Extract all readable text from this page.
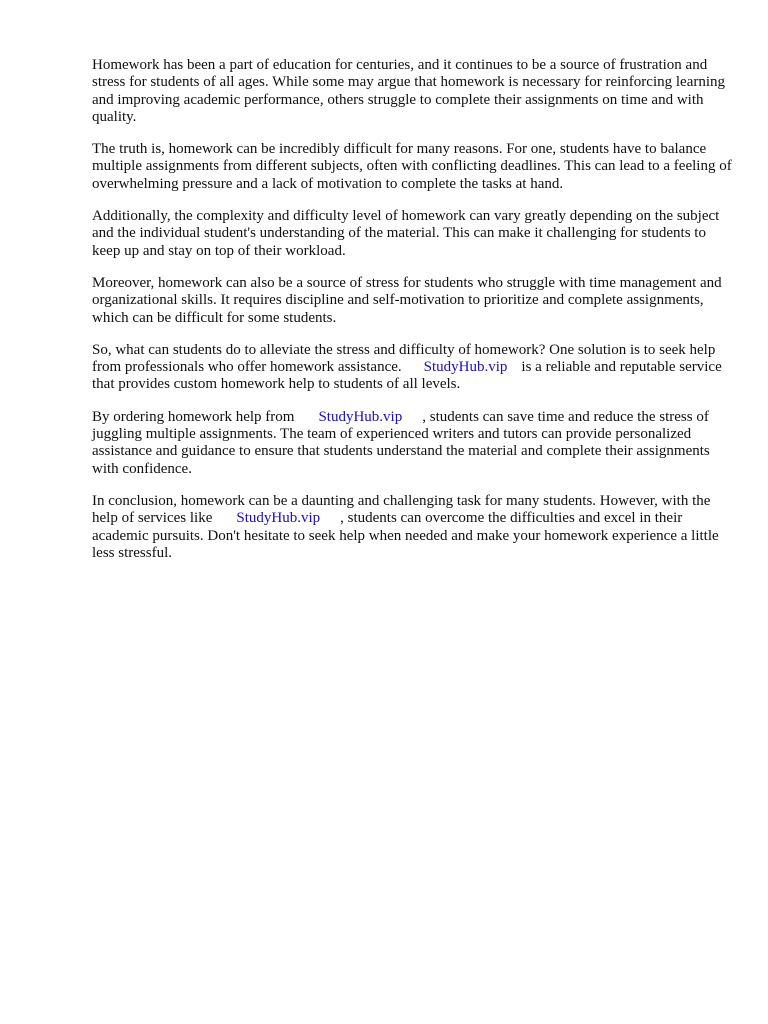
Homework has been a part of education for centuries, and it continues to be a source of frustration and stress for students of all ages. While some may argue that homework is necessary for reinforcing learning and improving academic performance, others struggle to complete their assignments on time and with quality.

The truth is, homework can be incredibly difficult for many reasons. For one, students have to balance multiple assignments from different subjects, often with conflicting deadlines. This can lead to a feeling of overwhelming pressure and a lack of motivation to complete the tasks at hand.

Additionally, the complexity and difficulty level of homework can vary greatly depending on the subject and the individual student's understanding of the material. This can make it challenging for students to keep up and stay on top of their workload.

Moreover, homework can also be a source of stress for students who struggle with time management and organizational skills. It requires discipline and self-motivation to prioritize and complete assignments, which can be difficult for some students.

So, what can students do to alleviate the stress and difficulty of homework? One solution is to seek help from professionals who offer homework assistance. StudyHub.vip is a reliable and reputable service that provides custom homework help to students of all levels.

By ordering homework help from StudyHub.vip , students can save time and reduce the stress of juggling multiple assignments. The team of experienced writers and tutors can provide personalized assistance and guidance to ensure that students understand the material and complete their assignments with confidence.

In conclusion, homework can be a daunting and challenging task for many students. However, with the help of services like StudyHub.vip , students can overcome the difficulties and excel in their academic pursuits. Don't hesitate to seek help when needed and make your homework experience a little less stressful.
